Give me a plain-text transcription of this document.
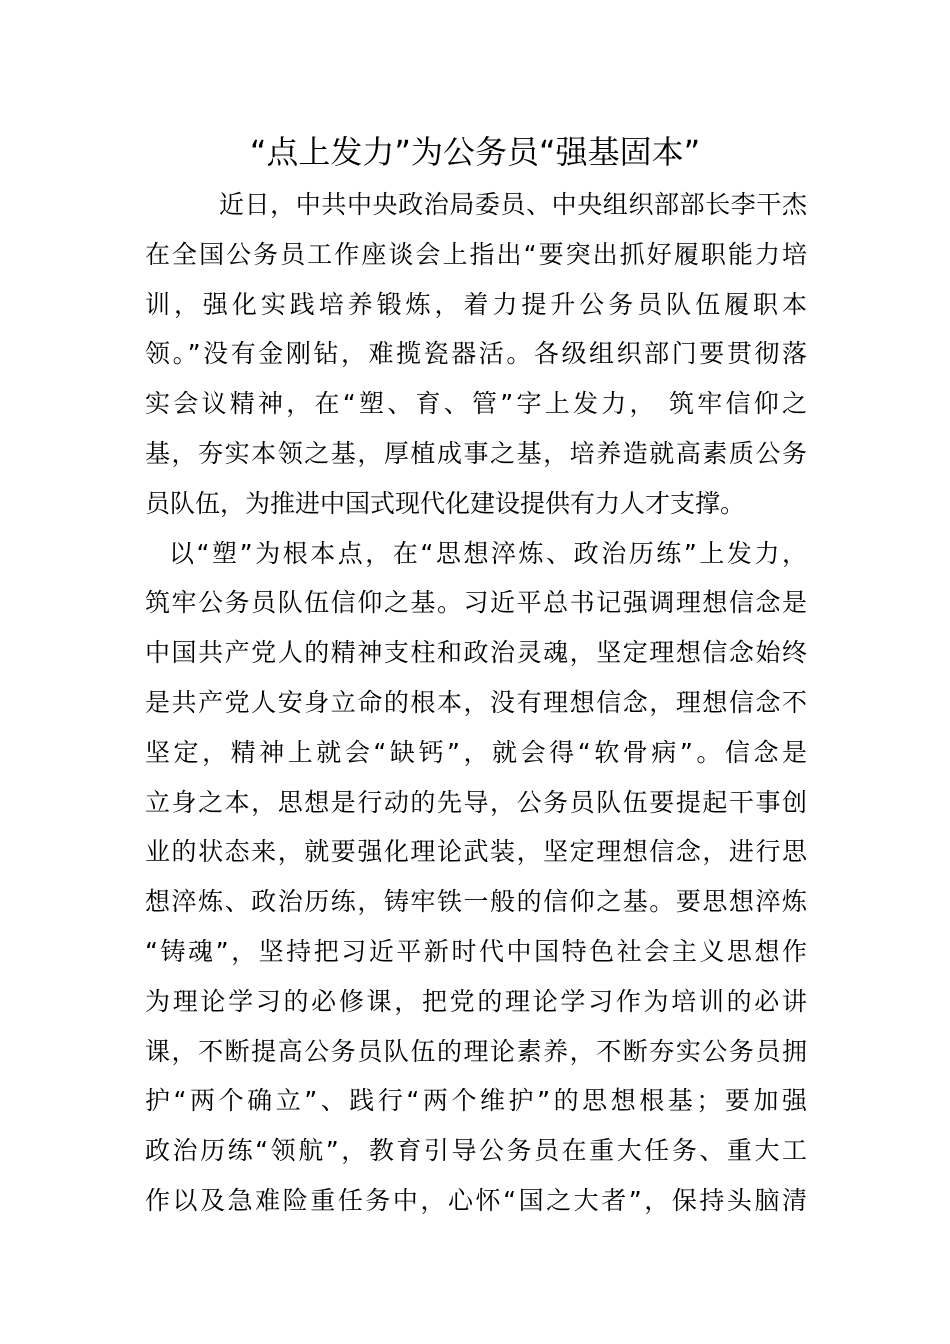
“点上发力”为公务员“强基固本”
近日，中共中央政治局委员、中央组织部部长李干杰
在全国公务员工作座谈会上指出“要突出抓好履职能力培
训，强化实践培养锻炼，着力提升公务员队伍履职本
领。”没有金刚钻，难揽瓷器活。各级组织部门要贯彻落
实会议精神，在“塑、育、管”字上发力， 筑牢信仰之
基，夯实本领之基，厚植成事之基，培养造就高素质公务
员队伍，为推进中国式现代化建设提供有力人才支撑。
以“塑”为根本点，在“思想淬炼、政治历练”上发力，
筑牢公务员队伍信仰之基。习近平总书记强调理想信念是
中国共产党人的精神支柱和政治灵魂，坚定理想信念始终
是共产党人安身立命的根本，没有理想信念，理想信念不
坚定，精神上就会“缺钙”，就会得“软骨病”。信念是
立身之本，思想是行动的先导，公务员队伍要提起干事创
业的状态来，就要强化理论武装，坚定理想信念，进行思
想淬炼、政治历练，铸牢铁一般的信仰之基。要思想淬炼
“铸魂”，坚持把习近平新时代中国特色社会主义思想作
为理论学习的必修课，把党的理论学习作为培训的必讲
课，不断提高公务员队伍的理论素养，不断夯实公务员拥
护“两个确立”、践行“两个维护”的思想根基；要加强
政治历练“领航”，教育引导公务员在重大任务、重大工
作以及急难险重任务中，心怀“国之大者”，保持头脑清
